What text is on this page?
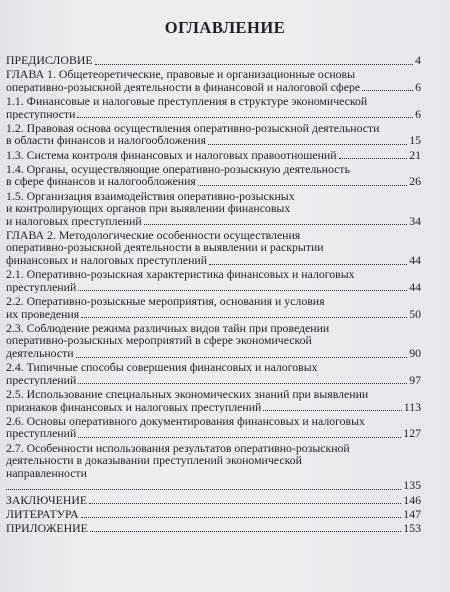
ОГЛАВЛЕНИЕ
ПРЕДИСЛОВИЕ	4
ГЛАВА 1. Общетеоретические, правовые и организационные основы
оперативно-розыскной деятельности в финансовой и налоговой сфере	6
1.1. Финансовые и налоговые преступления в структуре экономической
преступности	6
1.2. Правовая основа осуществления оперативно-розыскной деятельности
в области финансов и налогообложения	15
1.3. Система контроля финансовых и налоговых правоотношений	21
1.4. Органы, осуществляющие оперативно-розыскную деятельность
в сфере финансов и налогообложения	26
1.5. Организация взаимодействия оперативно-розыскных
и контролирующих органов при выявлении финансовых
и налоговых преступлений	34
ГЛАВА 2. Методологические особенности осуществления
оперативно-розыскной деятельности в выявлении и раскрытии
финансовых и налоговых преступлений	44
2.1. Оперативно-розыскная характеристика финансовых и налоговых
преступлений	44
2.2. Оперативно-розыскные мероприятия, основания и условия
их проведения	50
2.3. Соблюдение режима различных видов тайн при проведении
оперативно-розыскных мероприятий в сфере экономической
деятельности	90
2.4. Типичные способы совершения финансовых и налоговых
преступлений	97
2.5. Использование специальных экономических знаний при выявлении
признаков финансовых и налоговых преступлений	113
2.6. Основы оперативного документирования финансовых и налоговых
преступлений	127
2.7. Особенности использования результатов оперативно-розыскной
деятельности в доказывании преступлений экономической
направленности
135
ЗАКЛЮЧЕНИЕ	146
ЛИТЕРАТУРА	147
ПРИЛОЖЕНИЕ	153
